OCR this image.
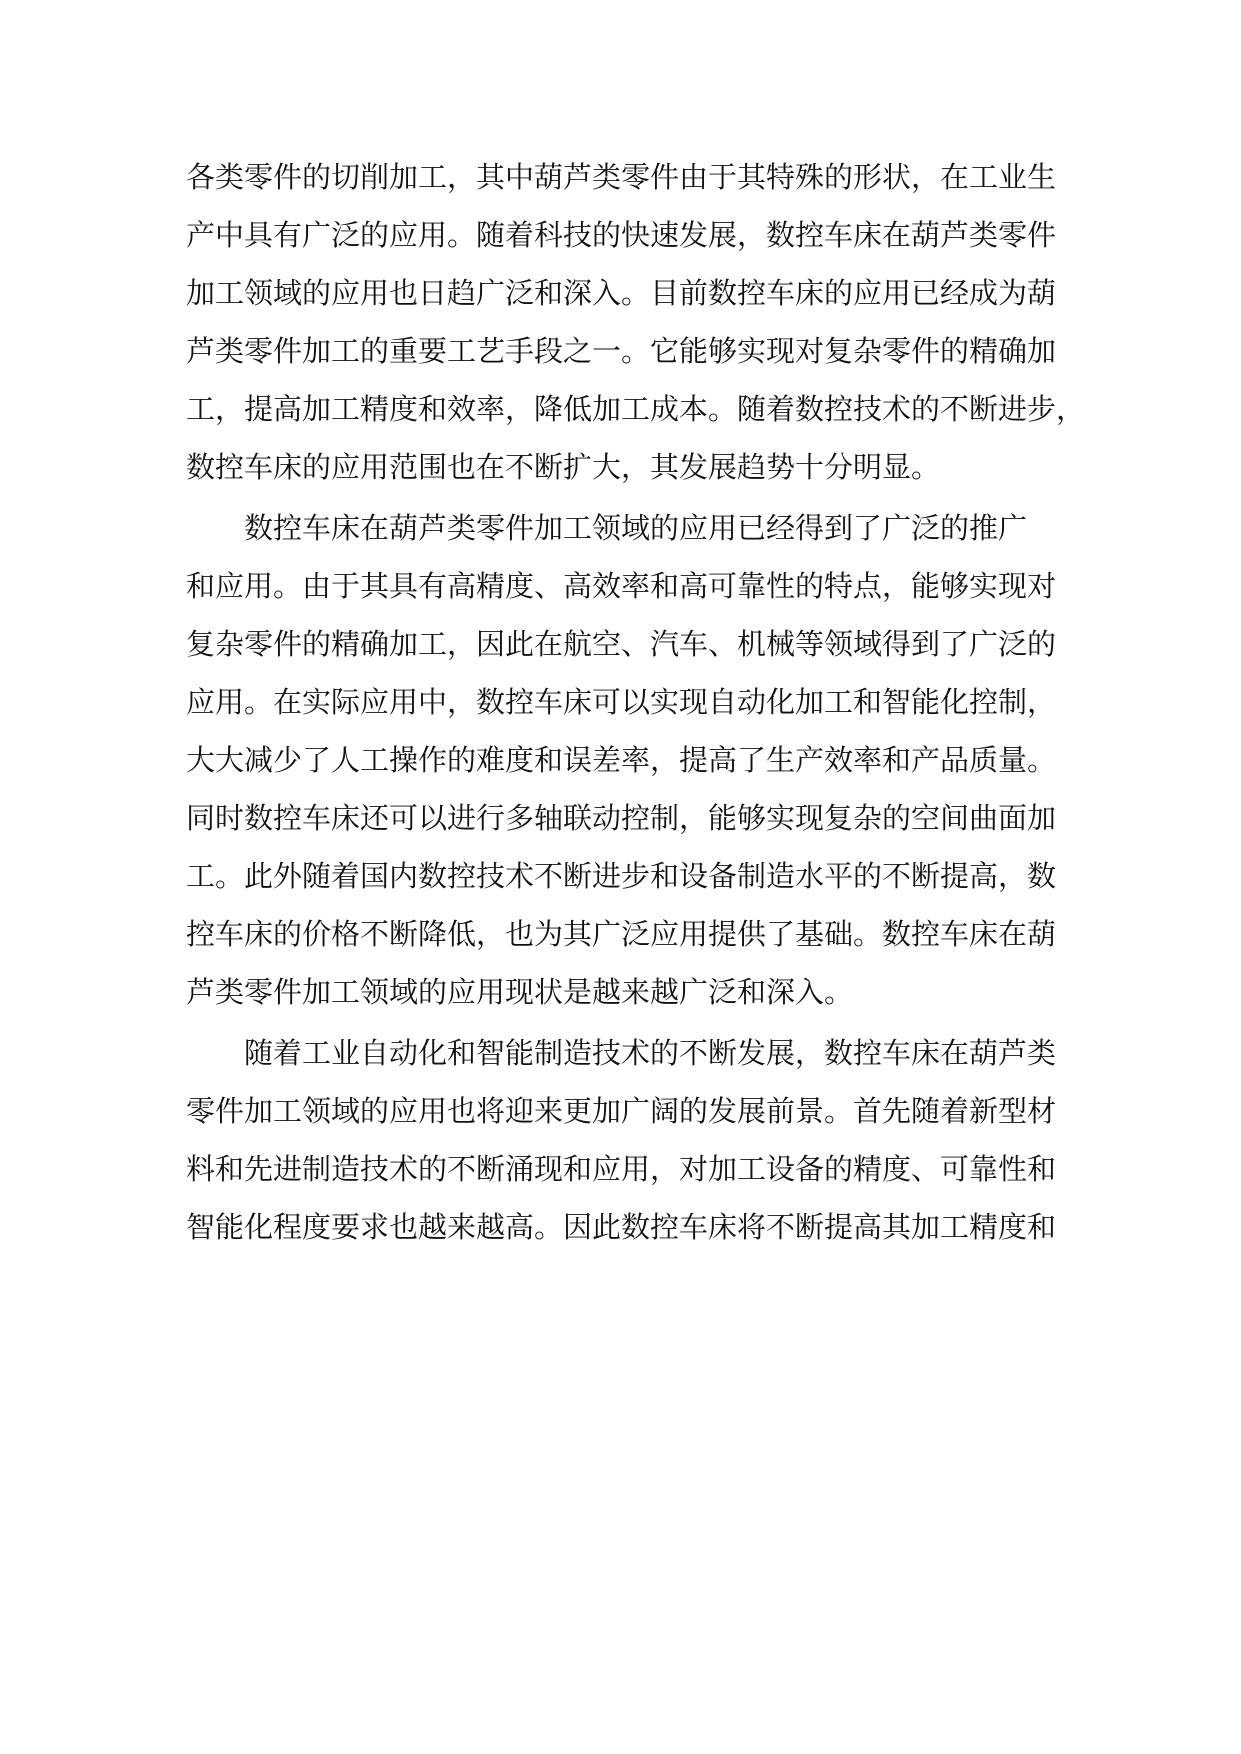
各类零件的切削加工，其中葫芦类零件由于其特殊的形状，在工业生
产中具有广泛的应用。随着科技的快速发展，数控车床在葫芦类零件
加工领域的应用也日趋广泛和深入。目前数控车床的应用已经成为葫
芦类零件加工的重要工艺手段之一。它能够实现对复杂零件的精确加
工，提高加工精度和效率，降低加工成本。随着数控技术的不断进步，
数控车床的应用范围也在不断扩大，其发展趋势十分明显。
数控车床在葫芦类零件加工领域的应用已经得到了广泛的推广
和应用。由于其具有高精度、高效率和高可靠性的特点，能够实现对
复杂零件的精确加工，因此在航空、汽车、机械等领域得到了广泛的
应用。在实际应用中，数控车床可以实现自动化加工和智能化控制，
大大减少了人工操作的难度和误差率，提高了生产效率和产品质量。
同时数控车床还可以进行多轴联动控制，能够实现复杂的空间曲面加
工。此外随着国内数控技术不断进步和设备制造水平的不断提高，数
控车床的价格不断降低，也为其广泛应用提供了基础。数控车床在葫
芦类零件加工领域的应用现状是越来越广泛和深入。
随着工业自动化和智能制造技术的不断发展，数控车床在葫芦类
零件加工领域的应用也将迎来更加广阔的发展前景。首先随着新型材
料和先进制造技术的不断涌现和应用，对加工设备的精度、可靠性和
智能化程度要求也越来越高。因此数控车床将不断提高其加工精度和
